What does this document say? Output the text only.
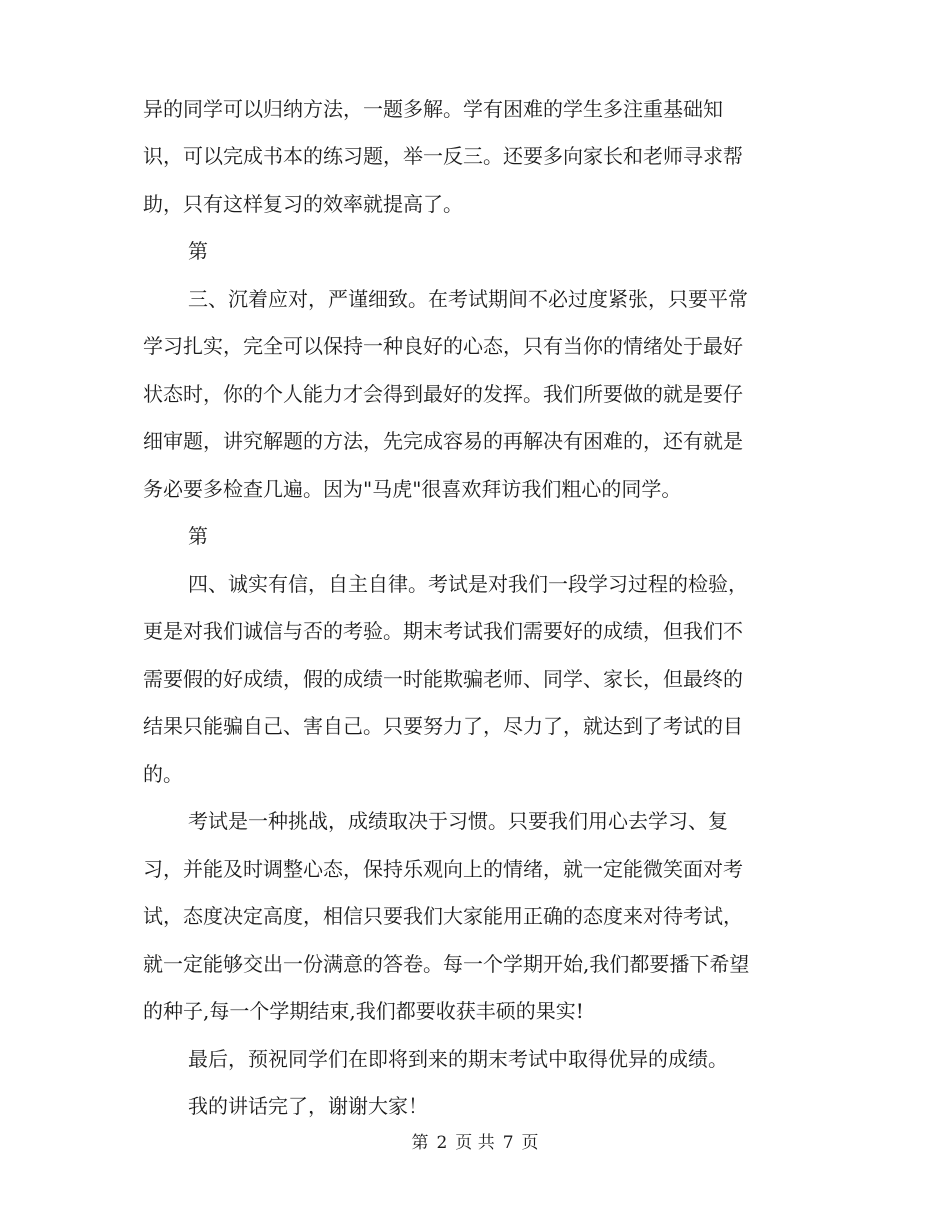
异的同学可以归纳方法，一题多解。学有困难的学生多注重基础知
识，可以完成书本的练习题，举一反三。还要多向家长和老师寻求帮
助，只有这样复习的效率就提高了。
第
三、沉着应对，严谨细致。在考试期间不必过度紧张，只要平常
学习扎实，完全可以保持一种良好的心态，只有当你的情绪处于最好
状态时，你的个人能力才会得到最好的发挥。我们所要做的就是要仔
细审题，讲究解题的方法，先完成容易的再解决有困难的，还有就是
务必要多检查几遍。因为"马虎"很喜欢拜访我们粗心的同学。
第
四、诚实有信，自主自律。考试是对我们一段学习过程的检验，
更是对我们诚信与否的考验。期末考试我们需要好的成绩，但我们不
需要假的好成绩，假的成绩一时能欺骗老师、同学、家长，但最终的
结果只能骗自己、害自己。只要努力了，尽力了，就达到了考试的目
的。
考试是一种挑战，成绩取决于习惯。只要我们用心去学习、复
习，并能及时调整心态，保持乐观向上的情绪，就一定能微笑面对考
试，态度决定高度，相信只要我们大家能用正确的态度来对待考试，
就一定能够交出一份满意的答卷。每一个学期开始,我们都要播下希望
的种子,每一个学期结束,我们都要收获丰硕的果实!
最后，预祝同学们在即将到来的期末考试中取得优异的成绩。
我的讲话完了，谢谢大家！
第 2 页 共 7 页
